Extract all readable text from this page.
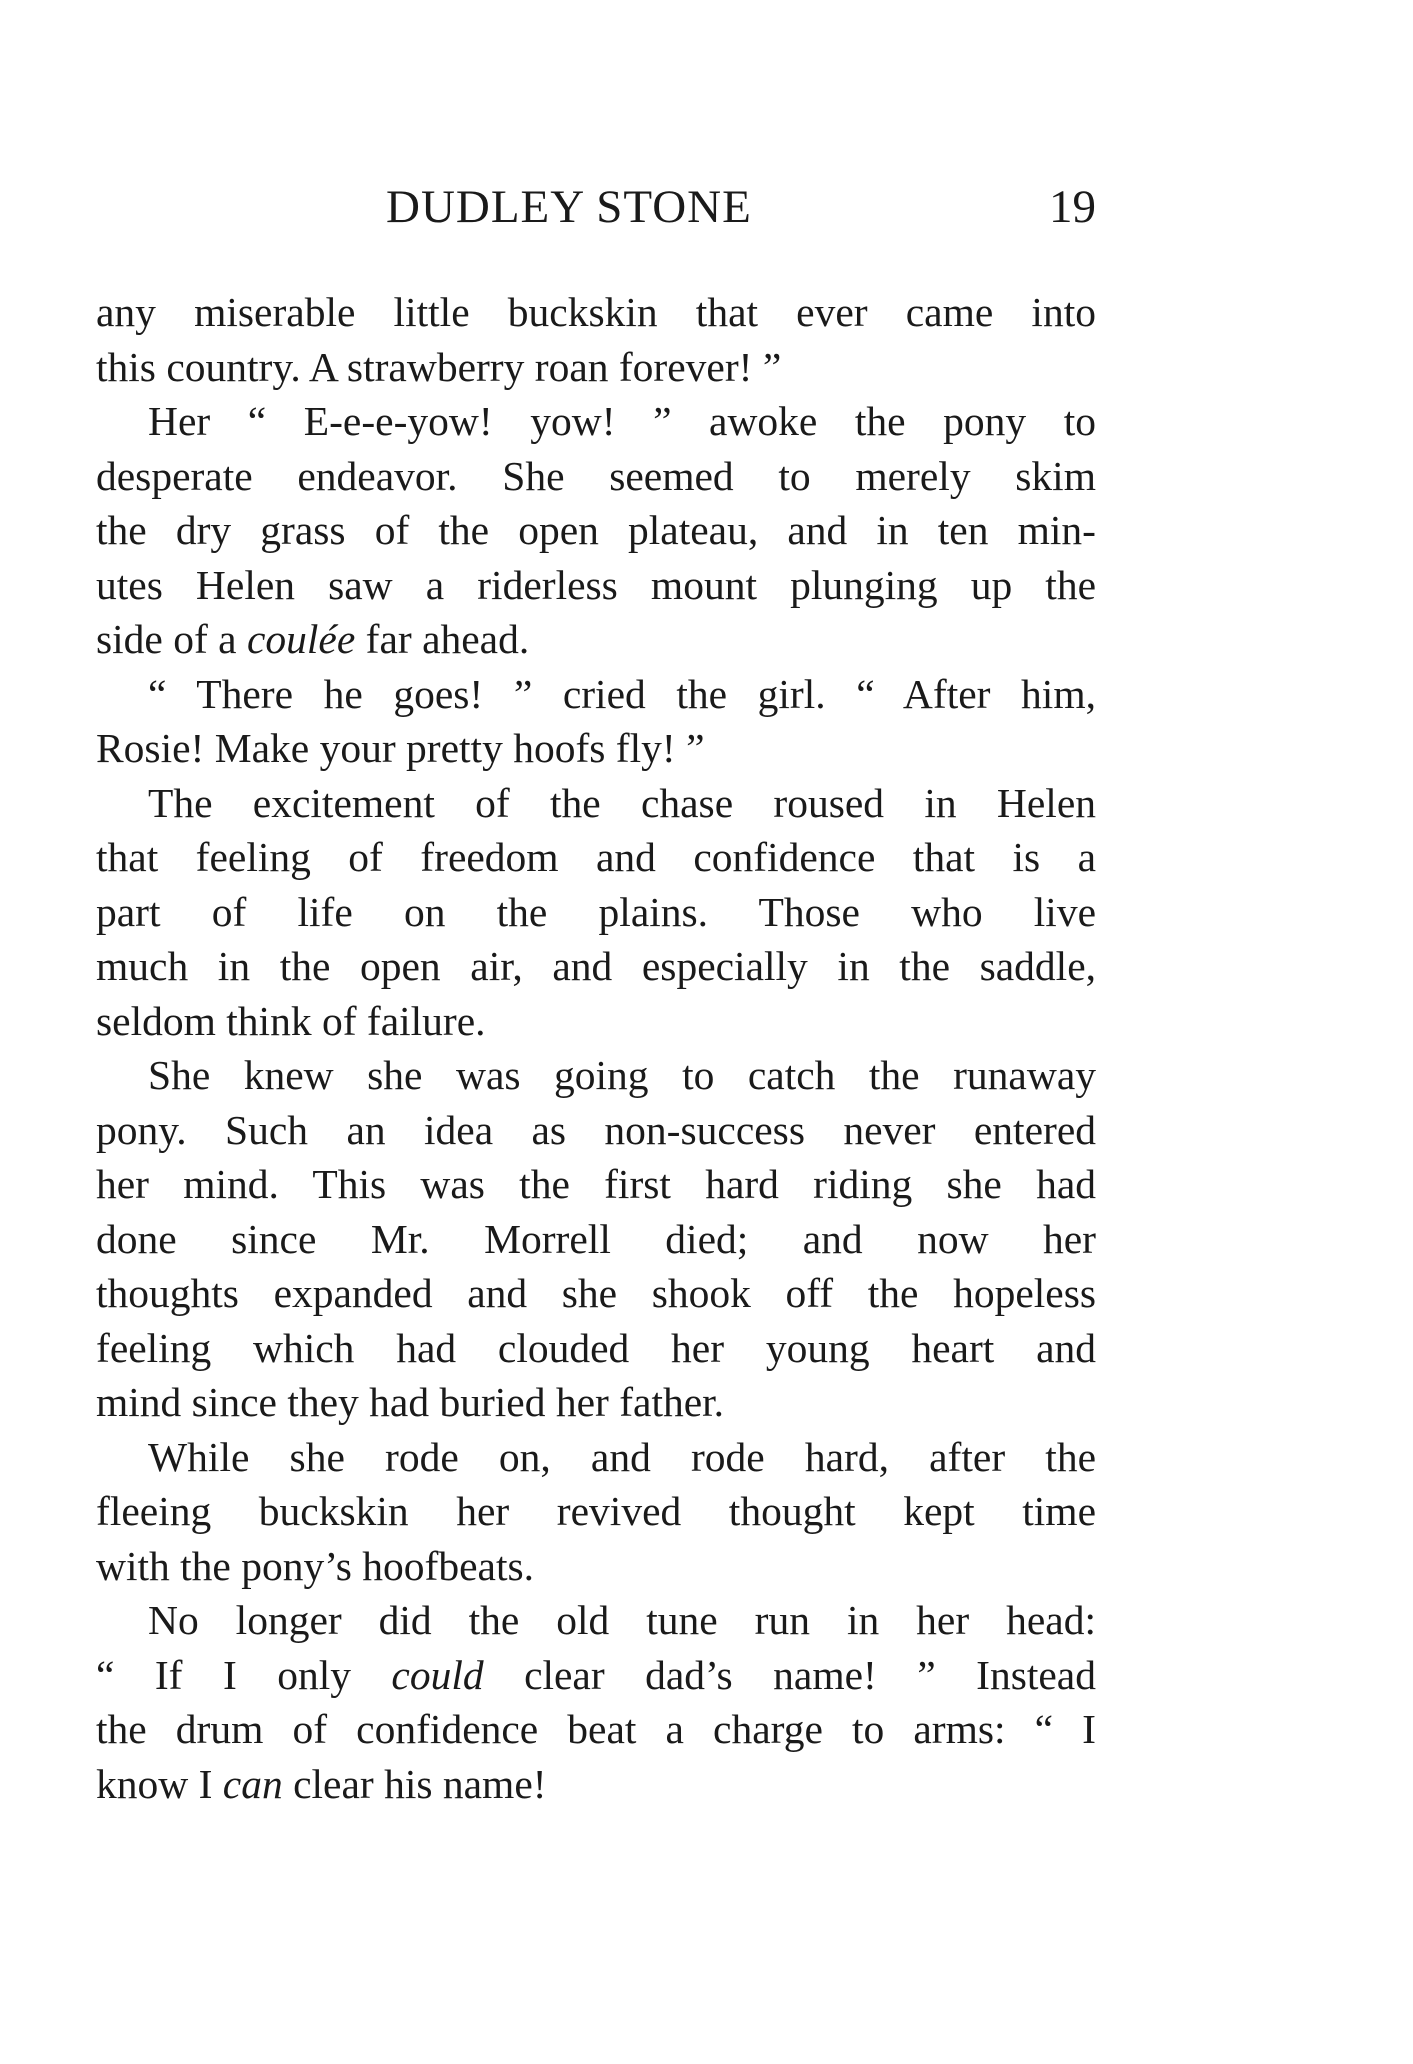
DUDLEY STONE	19
any miserable little buckskin that ever came into
this country. A strawberry roan forever! ”
Her “ E-e-e-yow! yow! ” awoke the pony to
desperate endeavor. She seemed to merely skim
the dry grass of the open plateau, and in ten min-
utes Helen saw a riderless mount plunging up the
side of a coulée far ahead.
“ There he goes! ” cried the girl. “ After him,
Rosie! Make your pretty hoofs fly! ”
The excitement of the chase roused in Helen
that feeling of freedom and confidence that is a
part of life on the plains. Those who live
much in the open air, and especially in the saddle,
seldom think of failure.
She knew she was going to catch the runaway
pony. Such an idea as non-success never entered
her mind. This was the first hard riding she had
done since Mr. Morrell died; and now her
thoughts expanded and she shook off the hopeless
feeling which had clouded her young heart and
mind since they had buried her father.
While she rode on, and rode hard, after the
fleeing buckskin her revived thought kept time
with the pony’s hoofbeats.
No longer did the old tune run in her head:
“ If I only could clear dad’s name! ” Instead
the drum of confidence beat a charge to arms: “ I
know I can clear his name!
